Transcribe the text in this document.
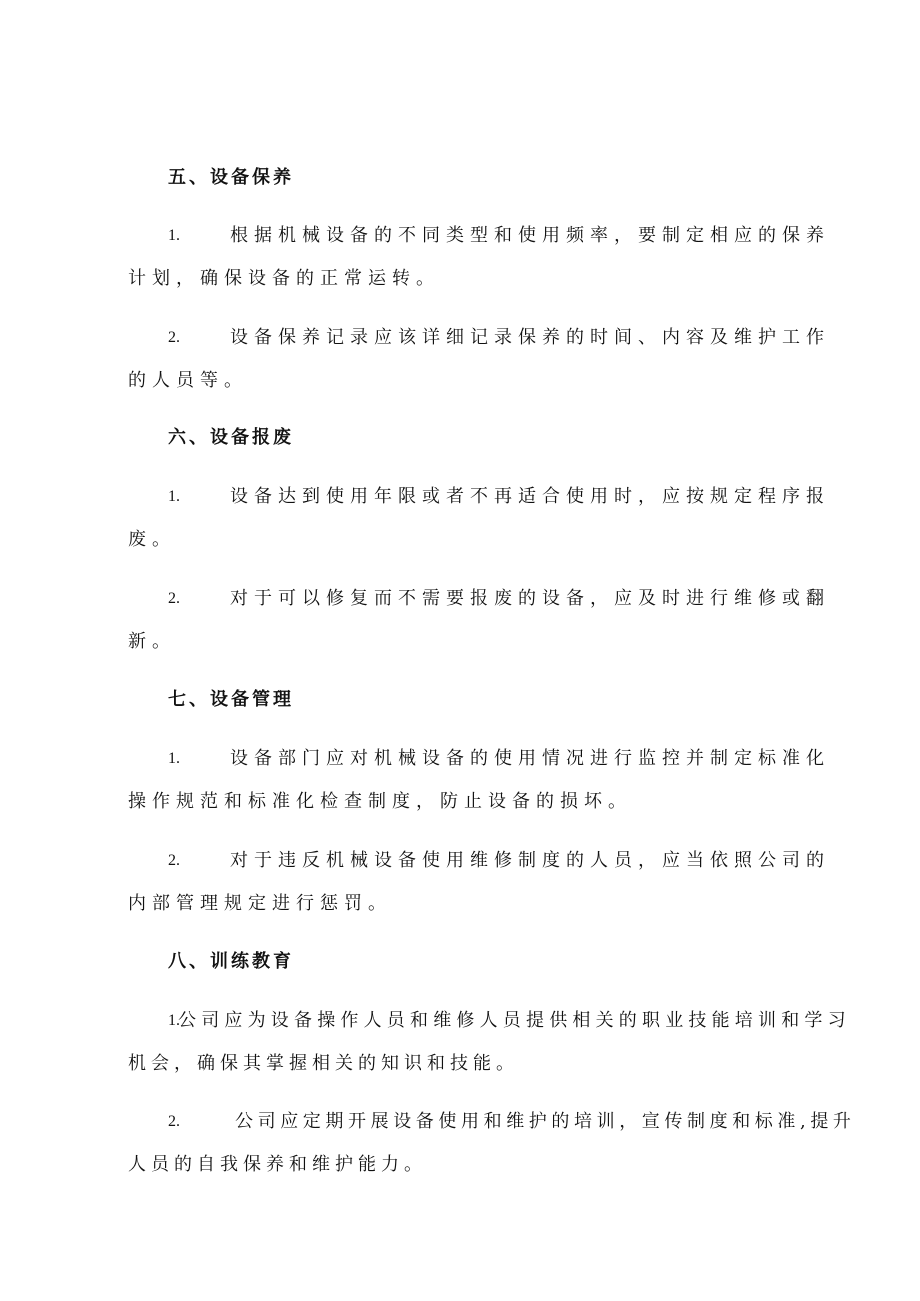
五、设备保养
1.	根据机械设备的不同类型和使用频率，要制定相应的保养
计划，确保设备的正常运转。
2.	设备保养记录应该详细记录保养的时间、内容及维护工作
的人员等。
六、设备报废
1.	设备达到使用年限或者不再适合使用时，应按规定程序报
废。
2.	对于可以修复而不需要报废的设备，应及时进行维修或翻
新。
七、设备管理
1.	设备部门应对机械设备的使用情况进行监控并制定标准化
操作规范和标准化检查制度，防止设备的损坏。
2.	对于违反机械设备使用维修制度的人员，应当依照公司的
内部管理规定进行惩罚。
八、训练教育
1.
公司应为设备操作人员和维修人员提供相关的职业技能培训和学习
机会，确保其掌握相关的知识和技能。
2.	公司应定期开展设备使用和维护的培训，宣传制度和标准,提升
人员的自我保养和维护能力。
